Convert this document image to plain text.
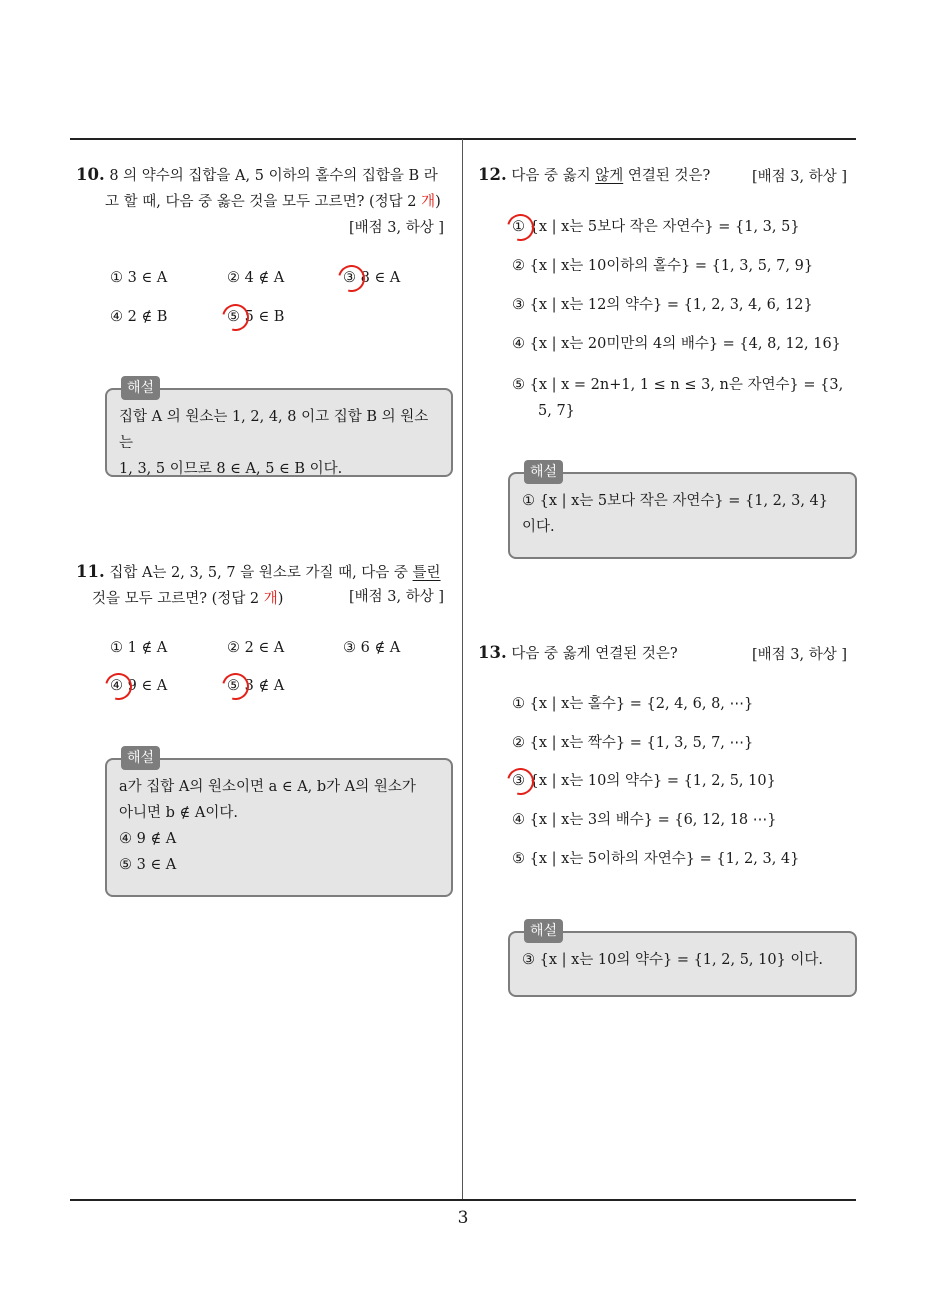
10. 8 의 약수의 집합을 A, 5 이하의 홀수의 집합을 B 라
고 할 때, 다음 중 옳은 것을 모두 고르면? (정답 2 개)
[배점 3, 하상 ]
① 3 ∈ A	② 4 ∉ A	③ 8 ∈ A
④ 2 ∉ B	⑤ 5 ∈ B
해설
집합 A 의 원소는 1, 2, 4, 8 이고 집합 B 의 원소는
1, 3, 5 이므로 8 ∈ A, 5 ∈ B 이다.
11. 집합 A는 2, 3, 5, 7 을 원소로 가질 때, 다음 중 틀린
것을 모두 고르면? (정답 2 개)	[배점 3, 하상 ]
① 1 ∉ A	② 2 ∈ A	③ 6 ∉ A
④ 9 ∈ A	⑤ 3 ∉ A
해설
a가 집합 A의 원소이면 a ∈ A, b가 A의 원소가
아니면 b ∉ A이다.
④ 9 ∉ A
⑤ 3 ∈ A
12. 다음 중 옳지 않게 연결된 것은?	[배점 3, 하상 ]
① {x | x는 5보다 작은 자연수} = {1, 3, 5}
② {x | x는 10이하의 홀수} = {1, 3, 5, 7, 9}
③ {x | x는 12의 약수} = {1, 2, 3, 4, 6, 12}
④ {x | x는 20미만의 4의 배수} = {4, 8, 12, 16}
⑤ {x | x = 2n+1, 1 ≤ n ≤ 3, n은 자연수} = {3,
5, 7}
해설
① {x | x는 5보다 작은 자연수} = {1, 2, 3, 4}
이다.
13. 다음 중 옳게 연결된 것은?	[배점 3, 하상 ]
① {x | x는 홀수} = {2, 4, 6, 8, ⋯}
② {x | x는 짝수} = {1, 3, 5, 7, ⋯}
③ {x | x는 10의 약수} = {1, 2, 5, 10}
④ {x | x는 3의 배수} = {6, 12, 18 ⋯}
⑤ {x | x는 5이하의 자연수} = {1, 2, 3, 4}
해설
③ {x | x는 10의 약수} = {1, 2, 5, 10} 이다.
3
